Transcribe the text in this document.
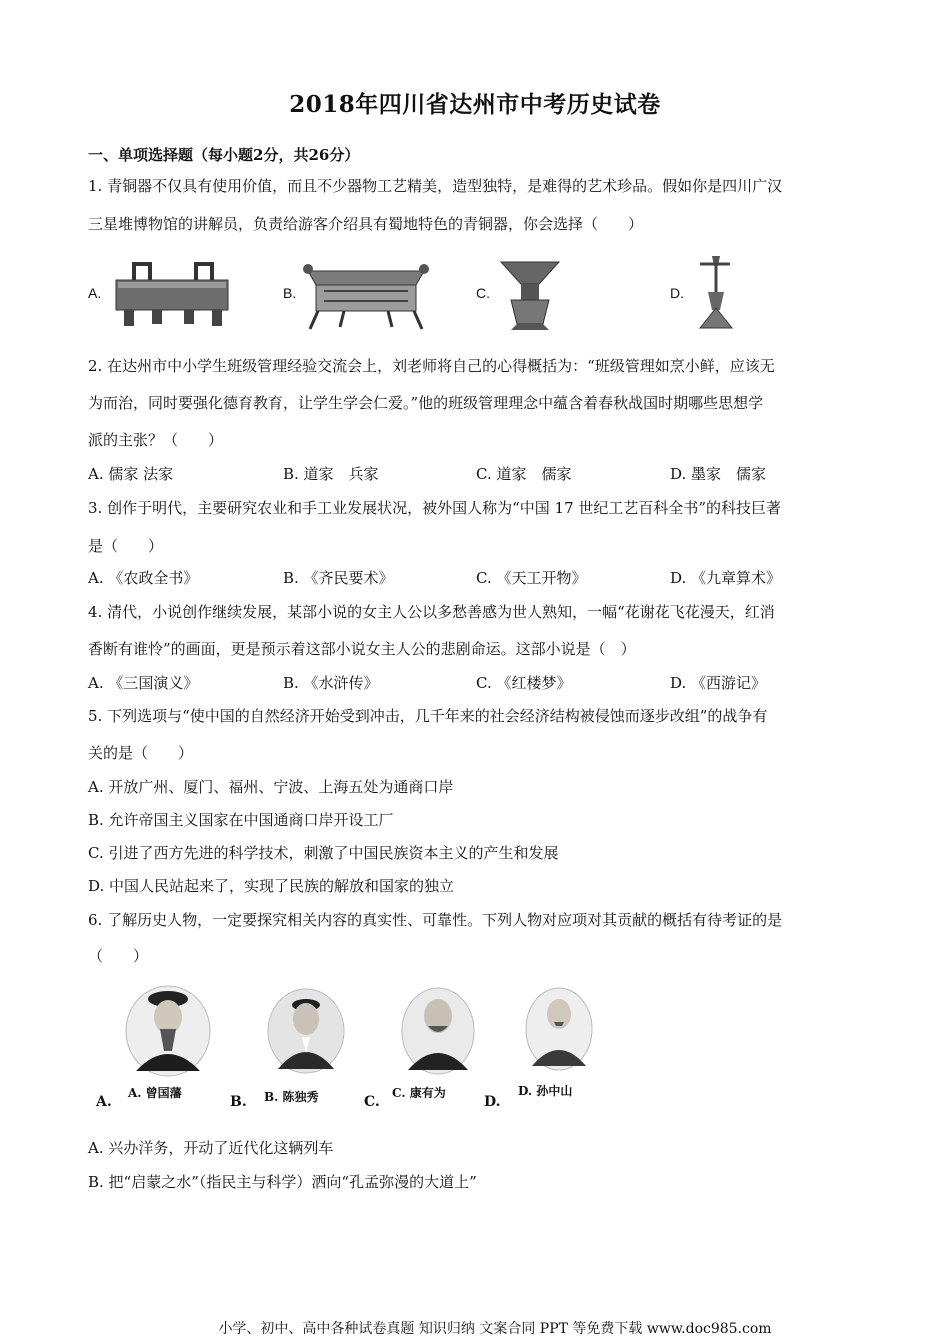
2018年四川省达州市中考历史试卷
一、单项选择题（每小题2分，共26分）
1. 青铜器不仅具有使用价值，而且不少器物工艺精美，造型独特，是难得的艺术珍品。假如你是四川广汉
三星堆博物馆的讲解员，负责给游客介绍具有蜀地特色的青铜器，你会选择（　　）
A.	B.	C.	D.
2. 在达州市中小学生班级管理经验交流会上，刘老师将自己的心得概括为：“班级管理如烹小鲜，应该无
为而治，同时要强化德育教育，让学生学会仁爱。”他的班级管理理念中蕴含着春秋战国时期哪些思想学
派的主张？（　　）
A. 儒家 法家	B. 道家　兵家	C. 道家　儒家	D. 墨家　儒家
3. 创作于明代，主要研究农业和手工业发展状况，被外国人称为“中国 17 世纪工艺百科全书”的科技巨著
是（　　）
A. 《农政全书》	B. 《齐民要术》	C. 《天工开物》	D. 《九章算术》
4. 清代，小说创作继续发展，某部小说的女主人公以多愁善感为世人熟知，一幅“花谢花飞花漫天，红消
香断有谁怜”的画面，更是预示着这部小说女主人公的悲剧命运。这部小说是（　）
A. 《三国演义》	B. 《水浒传》	C. 《红楼梦》	D. 《西游记》
5. 下列选项与“使中国的自然经济开始受到冲击，几千年来的社会经济结构被侵蚀而逐步改组”的战争有
关的是（　　）
A. 开放广州、厦门、福州、宁波、上海五处为通商口岸
B. 允许帝国主义国家在中国通商口岸开设工厂
C. 引进了西方先进的科学技术，刺激了中国民族资本主义的产生和发展
D. 中国人民站起来了，实现了民族的解放和国家的独立
6. 了解历史人物，一定要探究相关内容的真实性、可靠性。下列人物对应项对其贡献的概括有待考证的是
（　　）
A.
A. 曾国藩
B. B. 陈独秀	C.
C. 康有为
D.
D. 孙中山
A. 兴办洋务，开动了近代化这辆列车
B. 把“启蒙之水”（指民主与科学）洒向“孔孟弥漫的大道上”
小学、初中、高中各种试卷真题 知识归纳 文案合同 PPT 等免费下载 www.doc985.com
